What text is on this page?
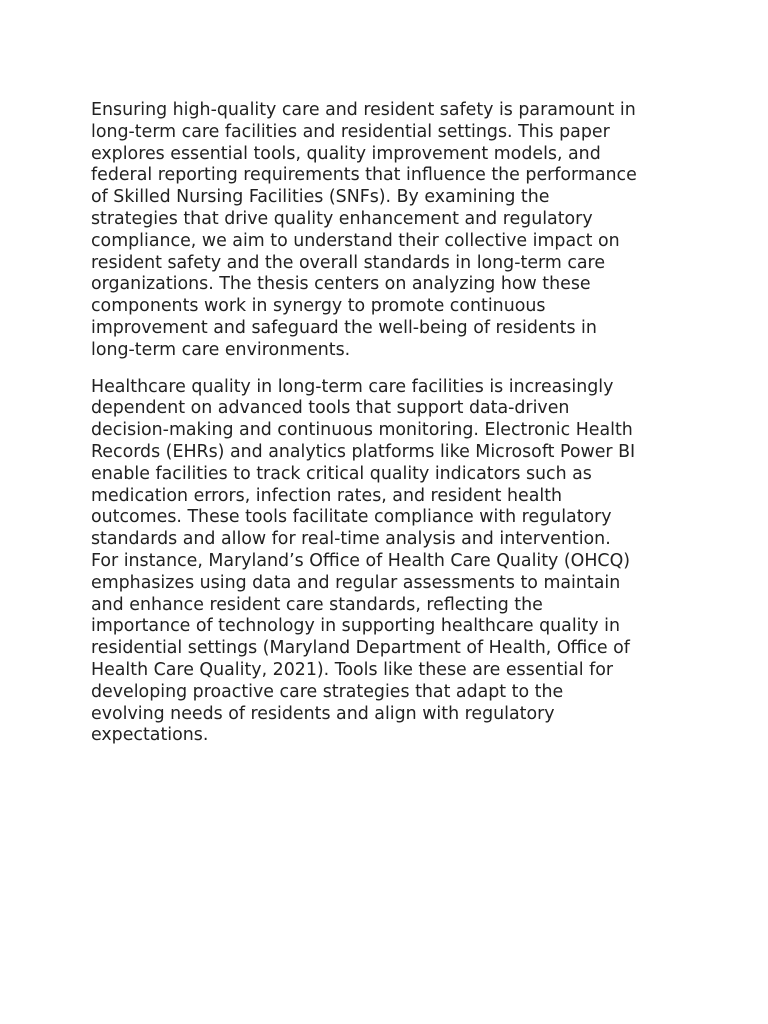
Ensuring high-quality care and resident safety is paramount in
long-term care facilities and residential settings. This paper
explores essential tools, quality improvement models, and
federal reporting requirements that influence the performance
of Skilled Nursing Facilities (SNFs). By examining the
strategies that drive quality enhancement and regulatory
compliance, we aim to understand their collective impact on
resident safety and the overall standards in long-term care
organizations. The thesis centers on analyzing how these
components work in synergy to promote continuous
improvement and safeguard the well-being of residents in
long-term care environments.

Healthcare quality in long-term care facilities is increasingly
dependent on advanced tools that support data-driven
decision-making and continuous monitoring. Electronic Health
Records (EHRs) and analytics platforms like Microsoft Power BI
enable facilities to track critical quality indicators such as
medication errors, infection rates, and resident health
outcomes. These tools facilitate compliance with regulatory
standards and allow for real-time analysis and intervention.
For instance, Maryland’s Office of Health Care Quality (OHCQ)
emphasizes using data and regular assessments to maintain
and enhance resident care standards, reflecting the
importance of technology in supporting healthcare quality in
residential settings (Maryland Department of Health, Office of
Health Care Quality, 2021). Tools like these are essential for
developing proactive care strategies that adapt to the
evolving needs of residents and align with regulatory
expectations.
